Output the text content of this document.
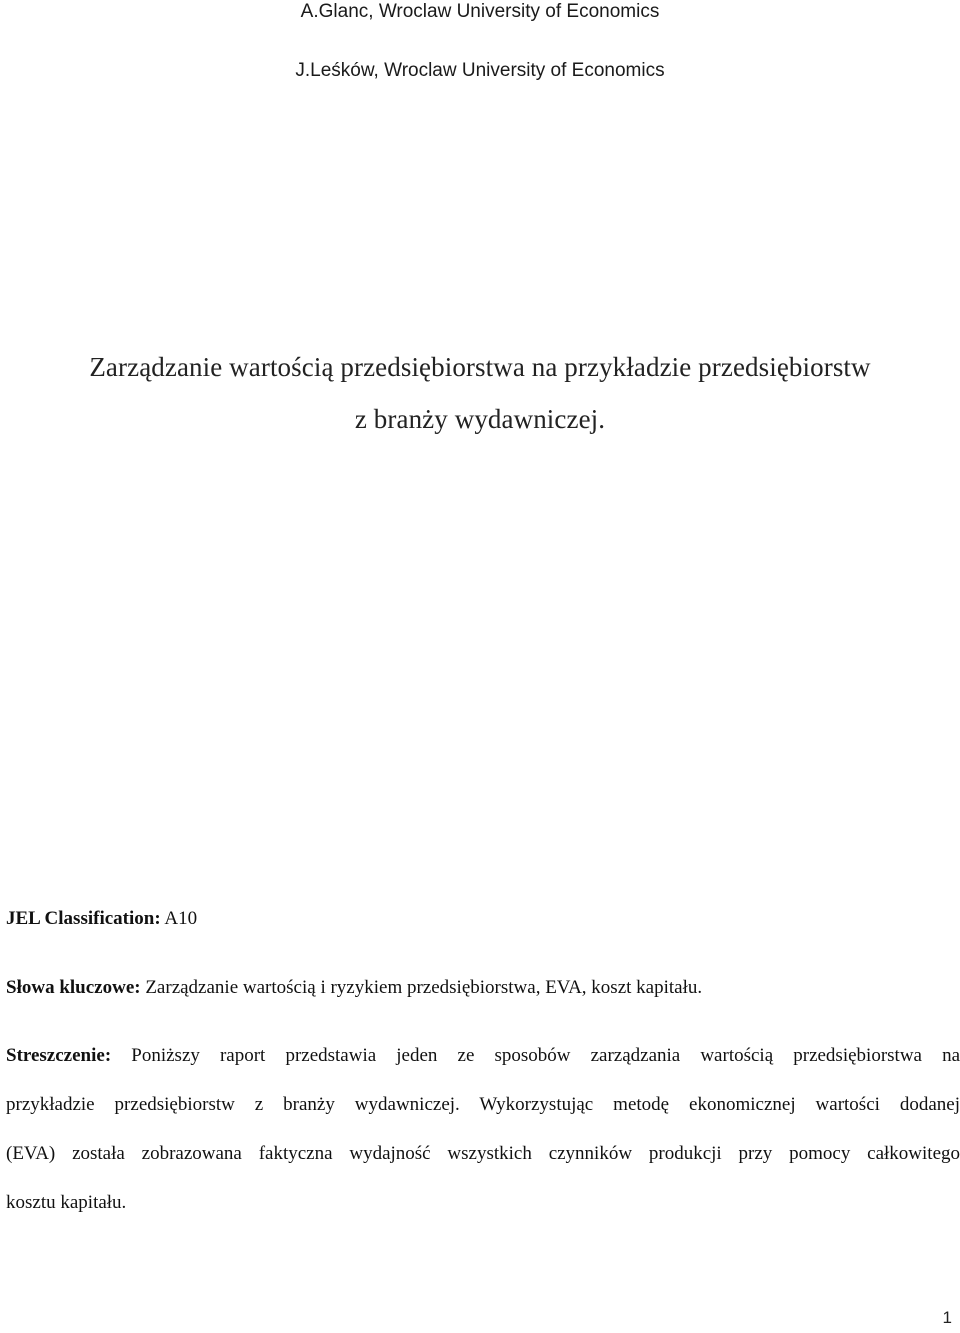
A.Glanc, Wroclaw University of Economics
J.Leśków, Wroclaw University of Economics
Zarządzanie wartością przedsiębiorstwa na przykładzie przedsiębiorstw
z branży wydawniczej.
JEL Classification: A10
Słowa kluczowe: Zarządzanie wartością i ryzykiem przedsiębiorstwa, EVA, koszt kapitału.
Streszczenie: Poniższy raport przedstawia jeden ze sposobów zarządzania wartością przedsiębiorstwa na
przykładzie przedsiębiorstw z branży wydawniczej. Wykorzystując metodę ekonomicznej wartości dodanej
(EVA) została zobrazowana faktyczna wydajność wszystkich czynników produkcji przy pomocy całkowitego
kosztu kapitału.
1
